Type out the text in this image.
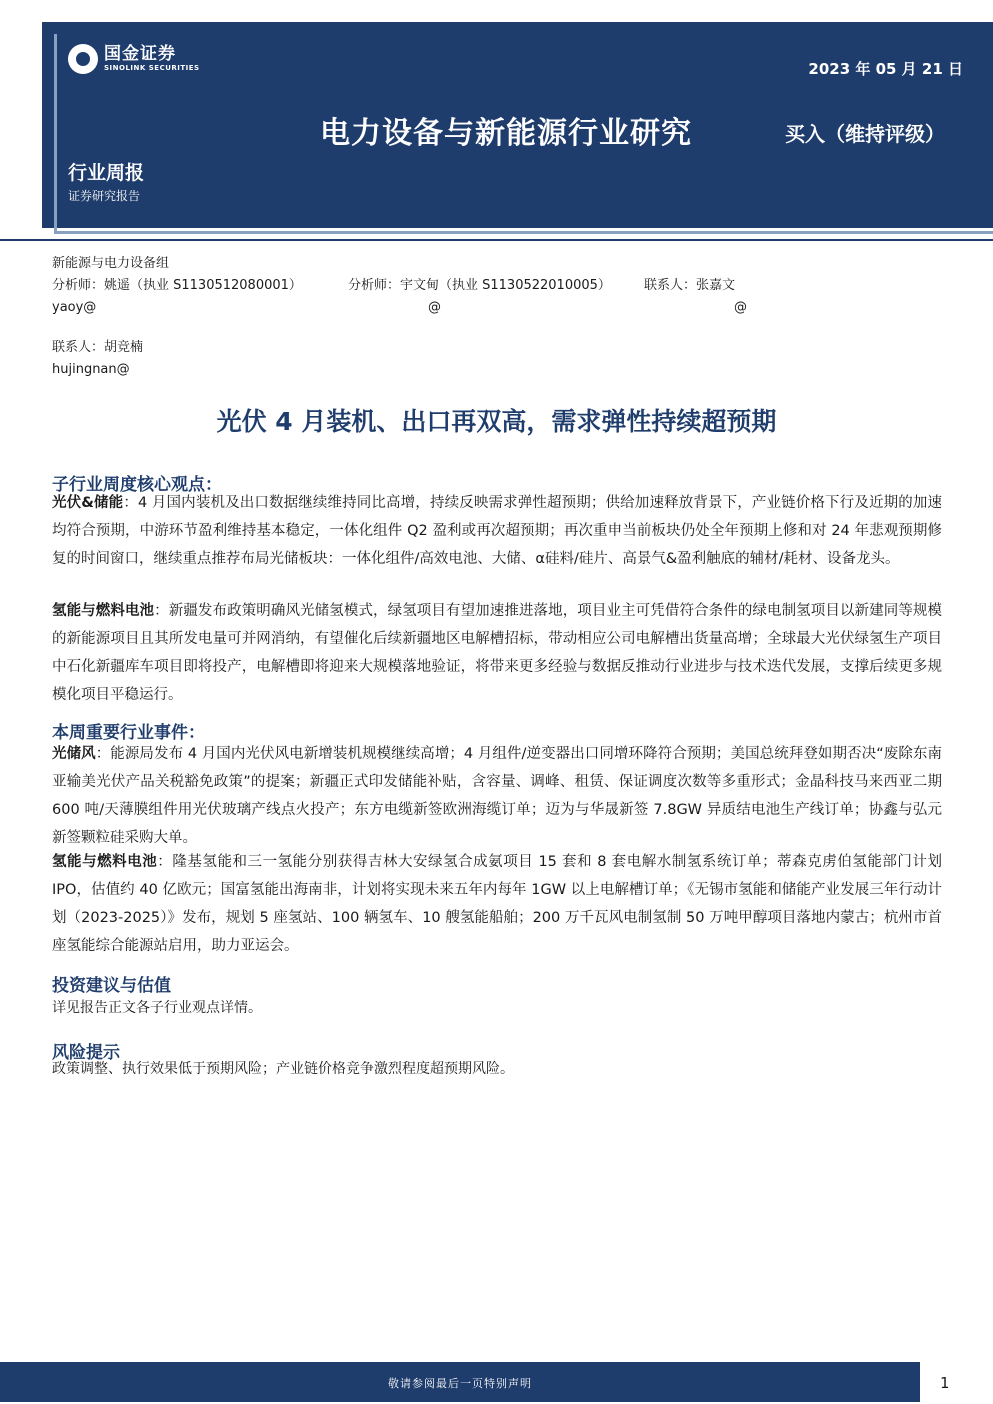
国金证券
SINOLINK SECURITIES	2023 年 05 月 21 日
电力设备与新能源行业研究	买入（维持评级）
行业周报
证券研究报告
新能源与电力设备组
分析师：姚遥（执业 S1130512080001）	分析师：宇文甸（执业 S1130522010005）	联系人：张嘉文
yaoy@	@	@
联系人：胡竞楠
hujingnan@
光伏 4 月装机、出口再双高，需求弹性持续超预期
子行业周度核心观点：
光伏&储能：4 月国内装机及出口数据继续维持同比高增，持续反映需求弹性超预期；供给加速释放背景下，产业链价格下行及近期的加速均符合预期，中游环节盈利维持基本稳定，一体化组件 Q2 盈利或再次超预期；再次重申当前板块仍处全年预期上修和对 24 年悲观预期修复的时间窗口，继续重点推荐布局光储板块：一体化组件/高效电池、大储、α硅料/硅片、高景气&盈利触底的辅材/耗材、设备龙头。
氢能与燃料电池：新疆发布政策明确风光储氢模式，绿氢项目有望加速推进落地，项目业主可凭借符合条件的绿电制氢项目以新建同等规模的新能源项目且其所发电量可并网消纳，有望催化后续新疆地区电解槽招标，带动相应公司电解槽出货量高增；全球最大光伏绿氢生产项目中石化新疆库车项目即将投产，电解槽即将迎来大规模落地验证，将带来更多经验与数据反推动行业进步与技术迭代发展，支撑后续更多规模化项目平稳运行。
本周重要行业事件：
光储风：能源局发布 4 月国内光伏风电新增装机规模继续高增；4 月组件/逆变器出口同增环降符合预期；美国总统拜登如期否决“废除东南亚输美光伏产品关税豁免政策”的提案；新疆正式印发储能补贴，含容量、调峰、租赁、保证调度次数等多重形式；金晶科技马来西亚二期 600 吨/天薄膜组件用光伏玻璃产线点火投产；东方电缆新签欧洲海缆订单；迈为与华晟新签 7.8GW 异质结电池生产线订单；协鑫与弘元新签颗粒硅采购大单。
氢能与燃料电池：隆基氢能和三一氢能分别获得吉林大安绿氢合成氨项目 15 套和 8 套电解水制氢系统订单；蒂森克虏伯氢能部门计划 IPO，估值约 40 亿欧元；国富氢能出海南非，计划将实现未来五年内每年 1GW 以上电解槽订单；《无锡市氢能和储能产业发展三年行动计划（2023-2025）》发布，规划 5 座氢站、100 辆氢车、10 艘氢能船舶；200 万千瓦风电制氢制 50 万吨甲醇项目落地内蒙古；杭州市首座氢能综合能源站启用，助力亚运会。
投资建议与估值
详见报告正文各子行业观点详情。
风险提示
政策调整、执行效果低于预期风险；产业链价格竞争激烈程度超预期风险。
敬请参阅最后一页特别声明	1
